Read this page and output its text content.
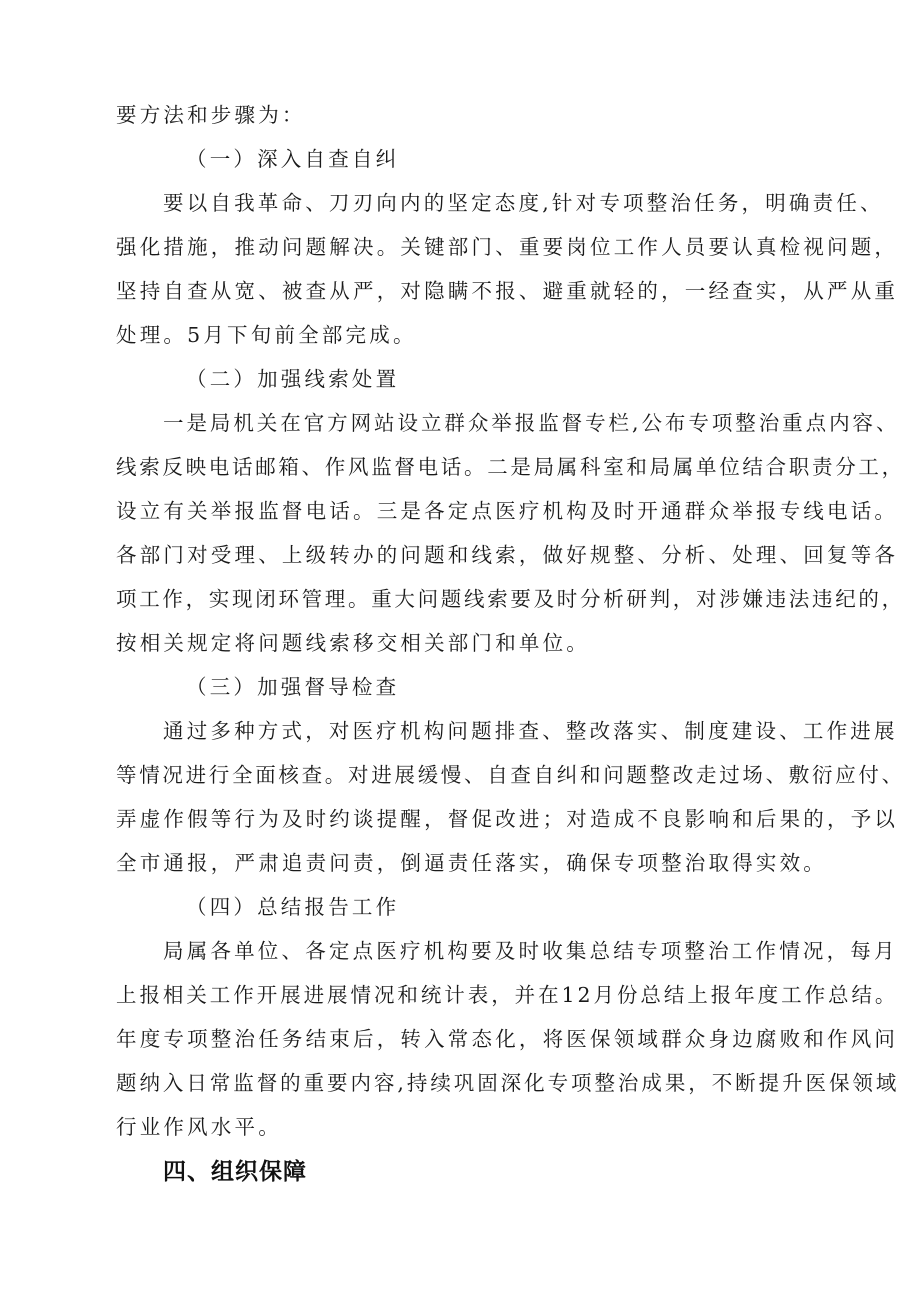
要方法和步骤为：
（一）深入自查自纠
要以自我革命、刀刃向内的坚定态度,针对专项整治任务，明确责任、
强化措施，推动问题解决。关键部门、重要岗位工作人员要认真检视问题，
坚持自查从宽、被查从严，对隐瞒不报、避重就轻的，一经查实，从严从重
处理。5月下旬前全部完成。
（二）加强线索处置
一是局机关在官方网站设立群众举报监督专栏,公布专项整治重点内容、
线索反映电话邮箱、作风监督电话。二是局属科室和局属单位结合职责分工，
设立有关举报监督电话。三是各定点医疗机构及时开通群众举报专线电话。
各部门对受理、上级转办的问题和线索，做好规整、分析、处理、回复等各
项工作，实现闭环管理。重大问题线索要及时分析研判，对涉嫌违法违纪的，
按相关规定将问题线索移交相关部门和单位。
（三）加强督导检查
通过多种方式，对医疗机构问题排查、整改落实、制度建设、工作进展
等情况进行全面核查。对进展缓慢、自查自纠和问题整改走过场、敷衍应付、
弄虚作假等行为及时约谈提醒，督促改进；对造成不良影响和后果的，予以
全市通报，严肃追责问责，倒逼责任落实，确保专项整治取得实效。
（四）总结报告工作
局属各单位、各定点医疗机构要及时收集总结专项整治工作情况，每月
上报相关工作开展进展情况和统计表，并在12月份总结上报年度工作总结。
年度专项整治任务结束后，转入常态化，将医保领域群众身边腐败和作风问
题纳入日常监督的重要内容,持续巩固深化专项整治成果，不断提升医保领域
行业作风水平。
四、组织保障
